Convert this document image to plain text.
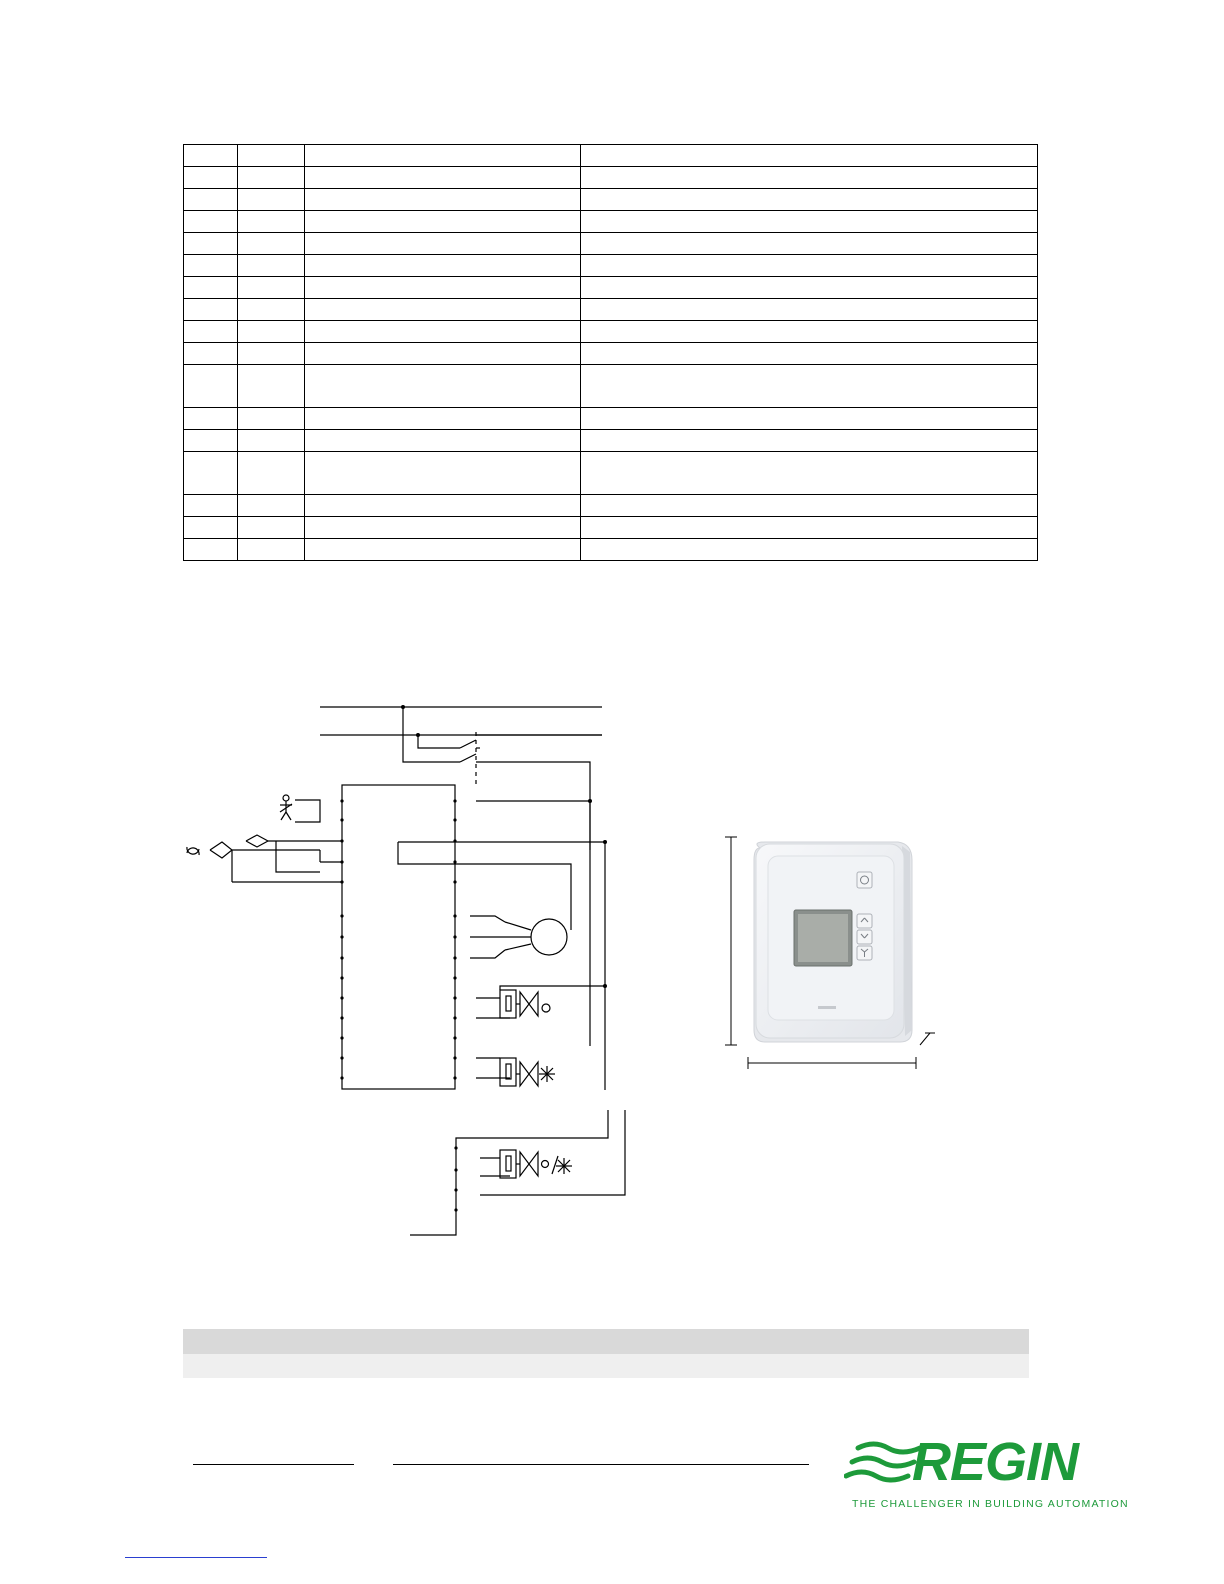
REGIN
THE CHALLENGER IN BUILDING AUTOMATION
